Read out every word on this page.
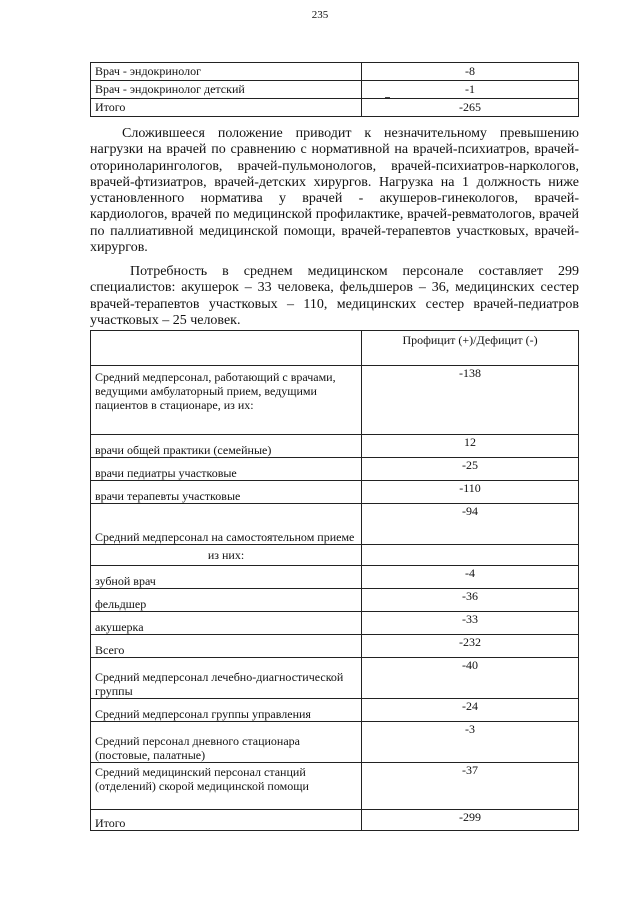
235
Врач - эндокринолог	-8
Врач - эндокринолог детский	-1
Итого	-265

Сложившееся положение приводит к незначительному превышению нагрузки на врачей по сравнению с нормативной на врачей-психиатров, врачей-оториноларингологов, врачей-пульмонологов, врачей-психиатров-наркологов, врачей-фтизиатров, врачей-детских хирургов. Нагрузка на 1 должность ниже установленного норматива у врачей - акушеров-гинекологов, врачей-кардиологов, врачей по медицинской профилактике, врачей-ревматологов, врачей по паллиативной медицинской помощи, врачей-терапевтов участковых, врачей-хирургов.

Потребность в среднем медицинском персонале составляет 299 специалистов: акушерок – 33 человека, фельдшеров – 36, медицинских сестер врачей-терапевтов участковых – 110, медицинских сестер врачей-педиатров участковых – 25 человек.

	Профицит (+)/Дефицит (-)
Средний медперсонал, работающий с врачами, ведущими амбулаторный прием, ведущими пациентов в стационаре, из их:	-138

врачи общей практики (семейные)	12

врачи педиатры участковые	-25

врачи терапевты участковые	-110

Средний медперсонал на самостоятельном приеме	-94
из них:	

зубной врач	-4

фельдшер	-36

акушерка	-33

Всего	-232

Средний медперсонал лечебно-диагностической группы	-40

Средний медперсонал группы управления	-24

Средний персонал дневного стационара (постовые, палатные)	-3
Средний медицинский персонал станций (отделений) скорой медицинской помощи	-37

Итого	-299
